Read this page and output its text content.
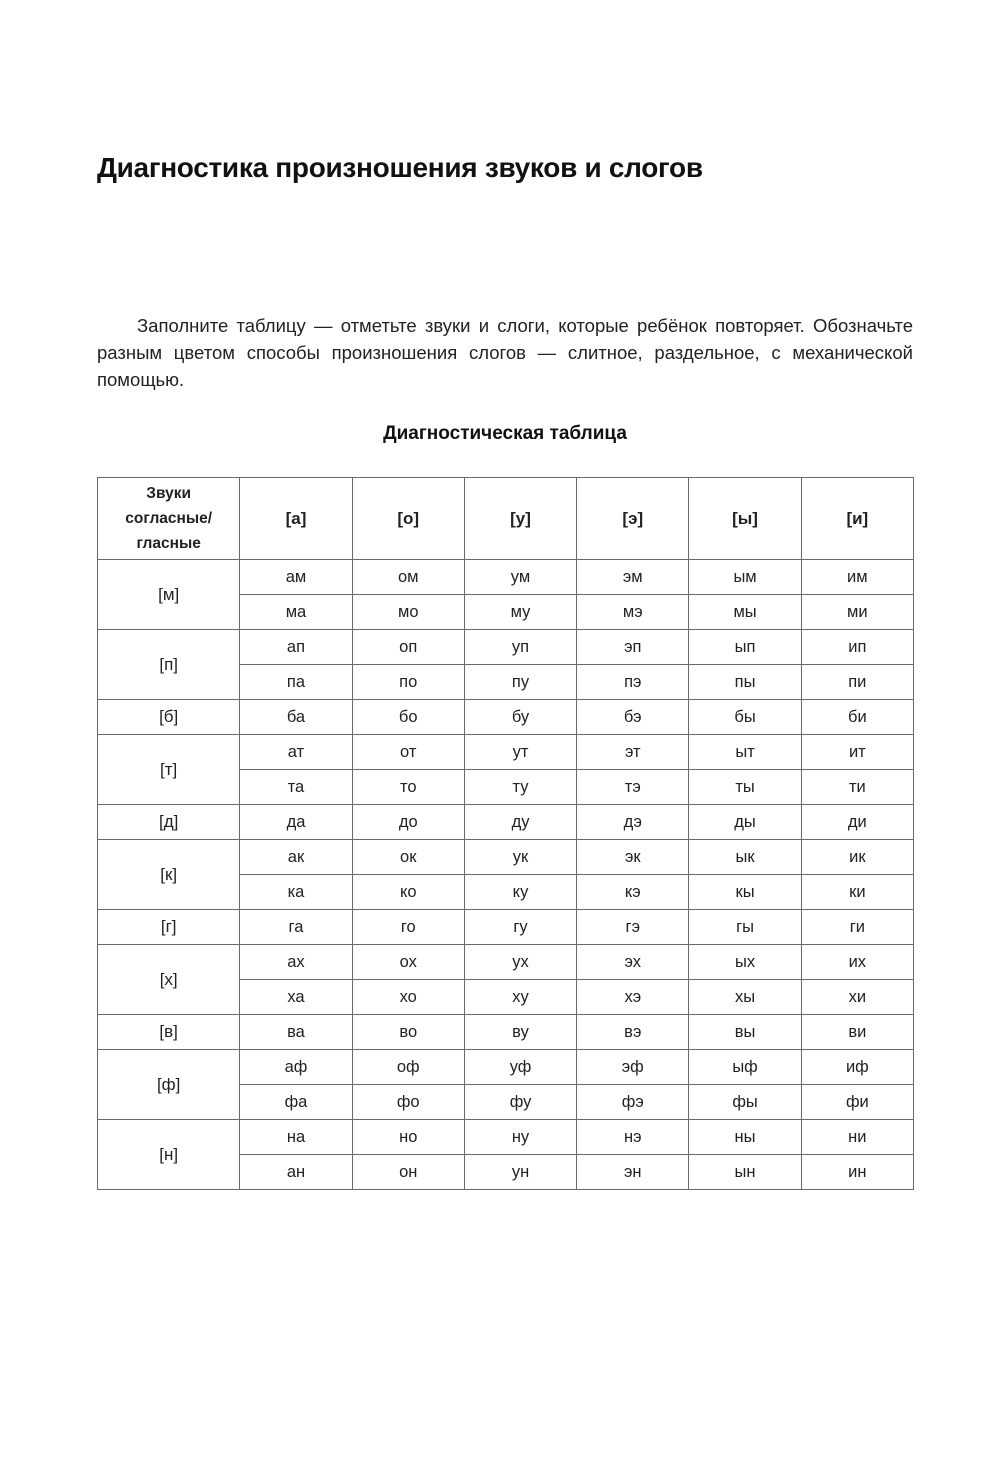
Диагностика произношения звуков и слогов

Заполните таблицу — отметьте звуки и слоги, которые ребёнок повторяет. Обозначьте разным цветом способы произношения слогов — слитное, раздельное, с механической помощью.

Диагностическая таблица
Звуки
согласные/
гласные	[а]	[о]	[у]	[э]	[ы]	[и]
[м]	ам	ом	ум	эм	ым	им
	ма	мо	му	мэ	мы	ми
[п]	ап	оп	уп	эп	ып	ип
	па	по	пу	пэ	пы	пи
[б]	ба	бо	бу	бэ	бы	би
[т]	ат	от	ут	эт	ыт	ит
	та	то	ту	тэ	ты	ти
[д]	да	до	ду	дэ	ды	ди
[к]	ак	ок	ук	эк	ык	ик
	ка	ко	ку	кэ	кы	ки
[г]	га	го	гу	гэ	гы	ги
[х]	ах	ох	ух	эх	ых	их
	ха	хо	ху	хэ	хы	хи
[в]	ва	во	ву	вэ	вы	ви
[ф]	аф	оф	уф	эф	ыф	иф
	фа	фо	фу	фэ	фы	фи
[н]	на	но	ну	нэ	ны	ни
	ан	он	ун	эн	ын	ин
